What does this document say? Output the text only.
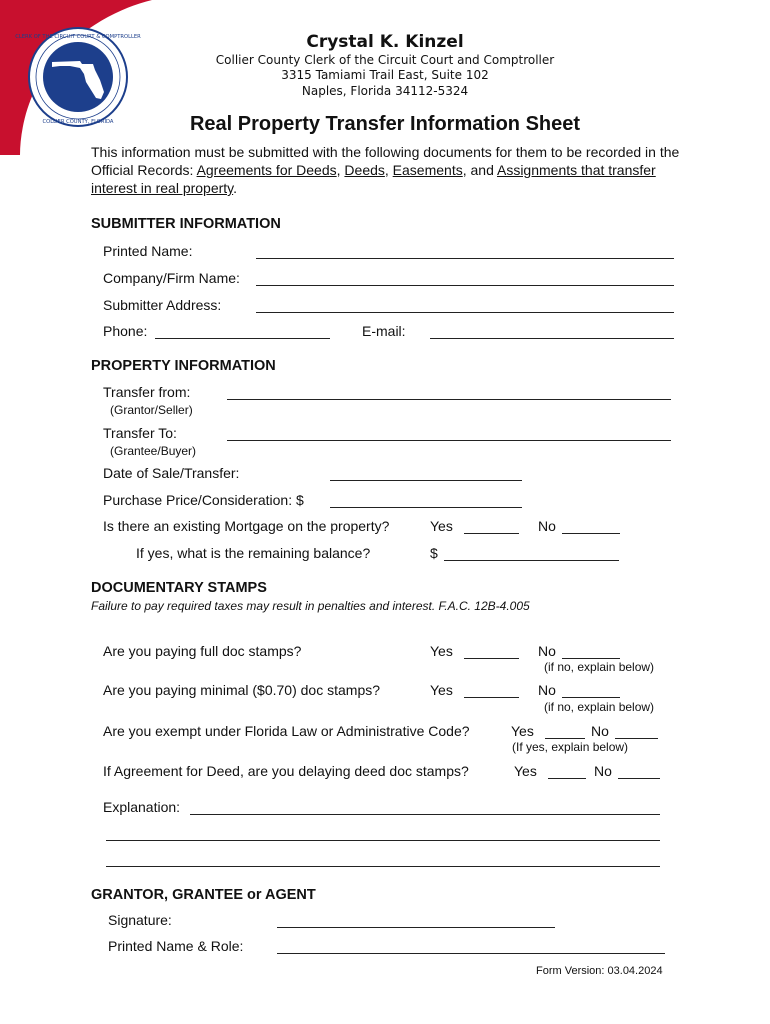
CLERK OF THE CIRCUIT COURT & COMPTROLLER
COLLIER COUNTY, FLORIDA
Crystal K. Kinzel
Collier County Clerk of the Circuit Court and Comptroller
3315 Tamiami Trail East, Suite 102
Naples, Florida 34112-5324
Real Property Transfer Information Sheet
This information must be submitted with the following documents for them to be recorded in the
Official Records: Agreements for Deeds, Deeds, Easements, and Assignments that transfer
interest in real property.
SUBMITTER INFORMATION
Printed Name:
Company/Firm Name:
Submitter Address:
Phone:	E-mail:
PROPERTY INFORMATION
Transfer from:
(Grantor/Seller)
Transfer To:
(Grantee/Buyer)
Date of Sale/Transfer:
Purchase Price/Consideration: $
Is there an existing Mortgage on the property?	Yes	No
If yes, what is the remaining balance?	$
DOCUMENTARY STAMPS
Failure to pay required taxes may result in penalties and interest. F.A.C. 12B-4.005
Are you paying full doc stamps?	Yes	No
(if no, explain below)
Are you paying minimal ($0.70) doc stamps?	Yes	No
(if no, explain below)
Are you exempt under Florida Law or Administrative Code?	Yes	No
(If yes, explain below)
If Agreement for Deed, are you delaying deed doc stamps?	Yes	No
Explanation:
GRANTOR, GRANTEE or AGENT
Signature:
Printed Name & Role:
Form Version: 03.04.2024
